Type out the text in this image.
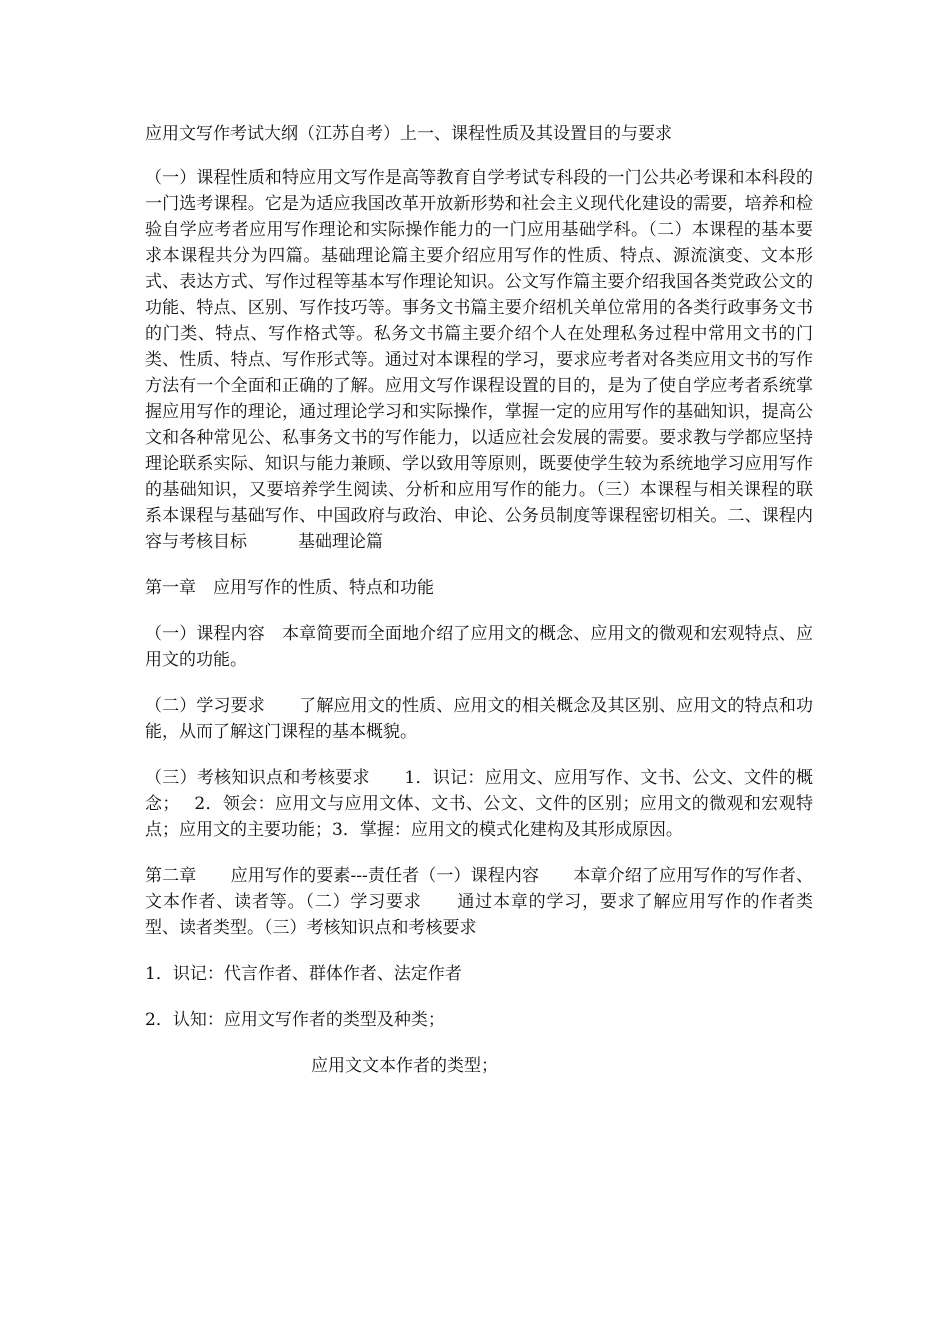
应用文写作考试大纲（江苏自考）上一、课程性质及其设置目的与要求

（一）课程性质和特应用文写作是高等教育自学考试专科段的一门公共必考课和本科段的一门选考课程。它是为适应我国改革开放新形势和社会主义现代化建设的需要，培养和检验自学应考者应用写作理论和实际操作能力的一门应用基础学科。（二）本课程的基本要求本课程共分为四篇。基础理论篇主要介绍应用写作的性质、特点、源流演变、文本形式、表达方式、写作过程等基本写作理论知识。公文写作篇主要介绍我国各类党政公文的功能、特点、区别、写作技巧等。事务文书篇主要介绍机关单位常用的各类行政事务文书的门类、特点、写作格式等。私务文书篇主要介绍个人在处理私务过程中常用文书的门类、性质、特点、写作形式等。通过对本课程的学习，要求应考者对各类应用文书的写作方法有一个全面和正确的了解。应用文写作课程设置的目的，是为了使自学应考者系统掌握应用写作的理论，通过理论学习和实际操作，掌握一定的应用写作的基础知识，提高公文和各种常见公、私事务文书的写作能力，以适应社会发展的需要。要求教与学都应坚持理论联系实际、知识与能力兼顾、学以致用等原则，既要使学生较为系统地学习应用写作的基础知识，又要培养学生阅读、分析和应用写作的能力。（三）本课程与相关课程的联系本课程与基础写作、中国政府与政治、申论、公务员制度等课程密切相关。二、课程内容与考核目标　　　基础理论篇

第一章　应用写作的性质、特点和功能

（一）课程内容　本章简要而全面地介绍了应用文的概念、应用文的微观和宏观特点、应用文的功能。

（二）学习要求　　了解应用文的性质、应用文的相关概念及其区别、应用文的特点和功能，从而了解这门课程的基本概貌。

（三）考核知识点和考核要求　　1．识记：应用文、应用写作、文书、公文、文件的概念；　 2．领会：应用文与应用文体、文书、公文、文件的区别；应用文的微观和宏观特点；应用文的主要功能；3．掌握：应用文的模式化建构及其形成原因。

第二章　　应用写作的要素---责任者（一）课程内容　　本章介绍了应用写作的写作者、文本作者、读者等。（二）学习要求　　通过本章的学习，要求了解应用写作的作者类型、读者类型。（三）考核知识点和考核要求

1．识记：代言作者、群体作者、法定作者

2．认知：应用文写作者的类型及种类；

应用文文本作者的类型；
